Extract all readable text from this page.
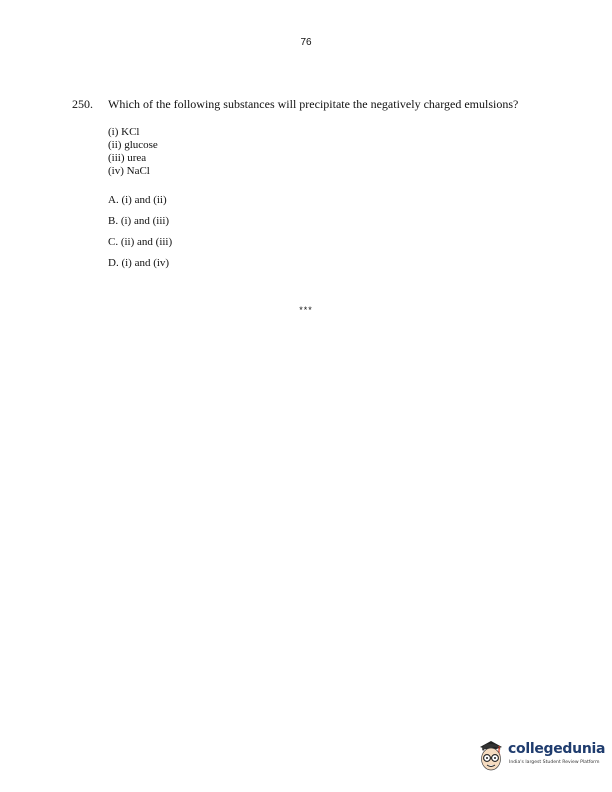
76
250. Which of the following substances will precipitate the negatively charged emulsions?
(i) KCl
(ii) glucose
(iii) urea
(iv) NaCl
A. (i) and (ii)
B. (i) and (iii)
C. (ii) and (iii)
D. (i) and (iv)
***
collegedunia
India's largest Student Review Platform
